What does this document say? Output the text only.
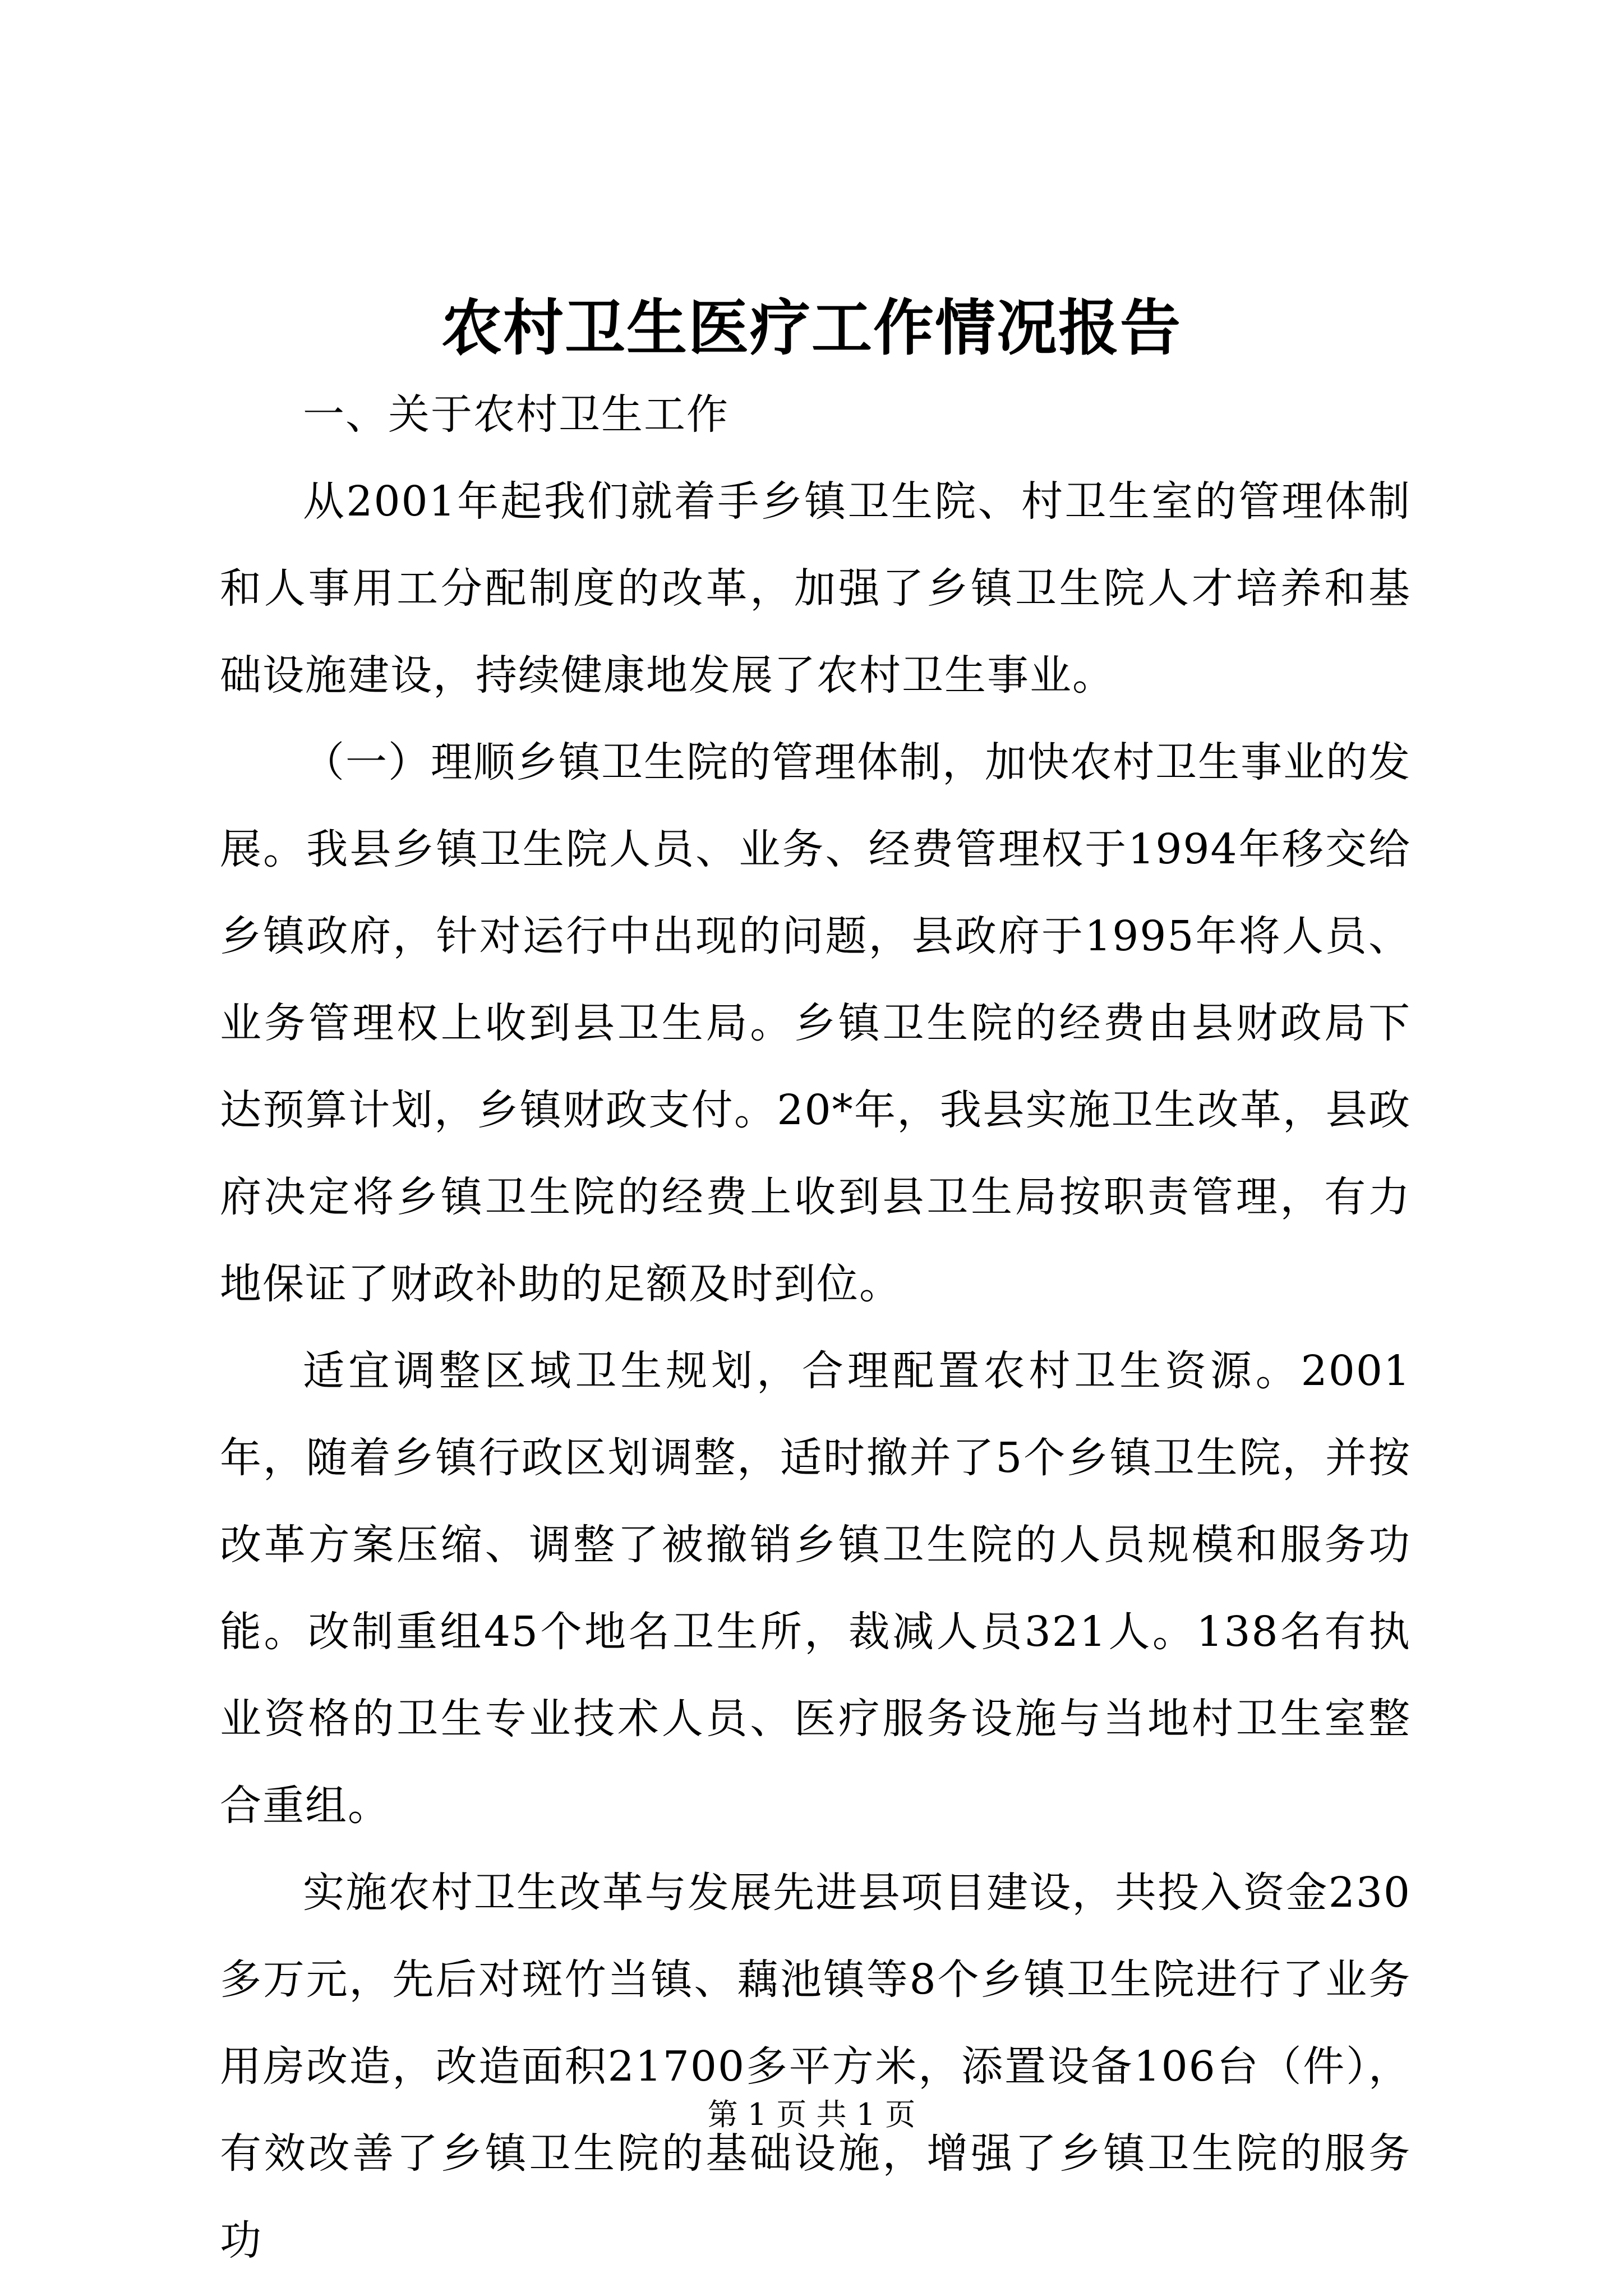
农村卫生医疗工作情况报告

一、关于农村卫生工作

从2001年起我们就着手乡镇卫生院、村卫生室的管理体制和人事用工分配制度的改革，加强了乡镇卫生院人才培养和基础设施建设，持续健康地发展了农村卫生事业。

（一）理顺乡镇卫生院的管理体制，加快农村卫生事业的发展。我县乡镇卫生院人员、业务、经费管理权于1994年移交给乡镇政府，针对运行中出现的问题，县政府于1995年将人员、业务管理权上收到县卫生局。乡镇卫生院的经费由县财政局下达预算计划，乡镇财政支付。20*年，我县实施卫生改革，县政府决定将乡镇卫生院的经费上收到县卫生局按职责管理，有力地保证了财政补助的足额及时到位。

适宜调整区域卫生规划，合理配置农村卫生资源。2001年，随着乡镇行政区划调整，适时撤并了5个乡镇卫生院，并按改革方案压缩、调整了被撤销乡镇卫生院的人员规模和服务功能。改制重组45个地名卫生所，裁减人员321人。138名有执业资格的卫生专业技术人员、医疗服务设施与当地村卫生室整合重组。

实施农村卫生改革与发展先进县项目建设，共投入资金230多万元，先后对斑竹当镇、藕池镇等8个乡镇卫生院进行了业务用房改造，改造面积21700多平方米，添置设备106台（件），有效改善了乡镇卫生院的基础设施，增强了乡镇卫生院的服务功

第 1 页 共 1 页
